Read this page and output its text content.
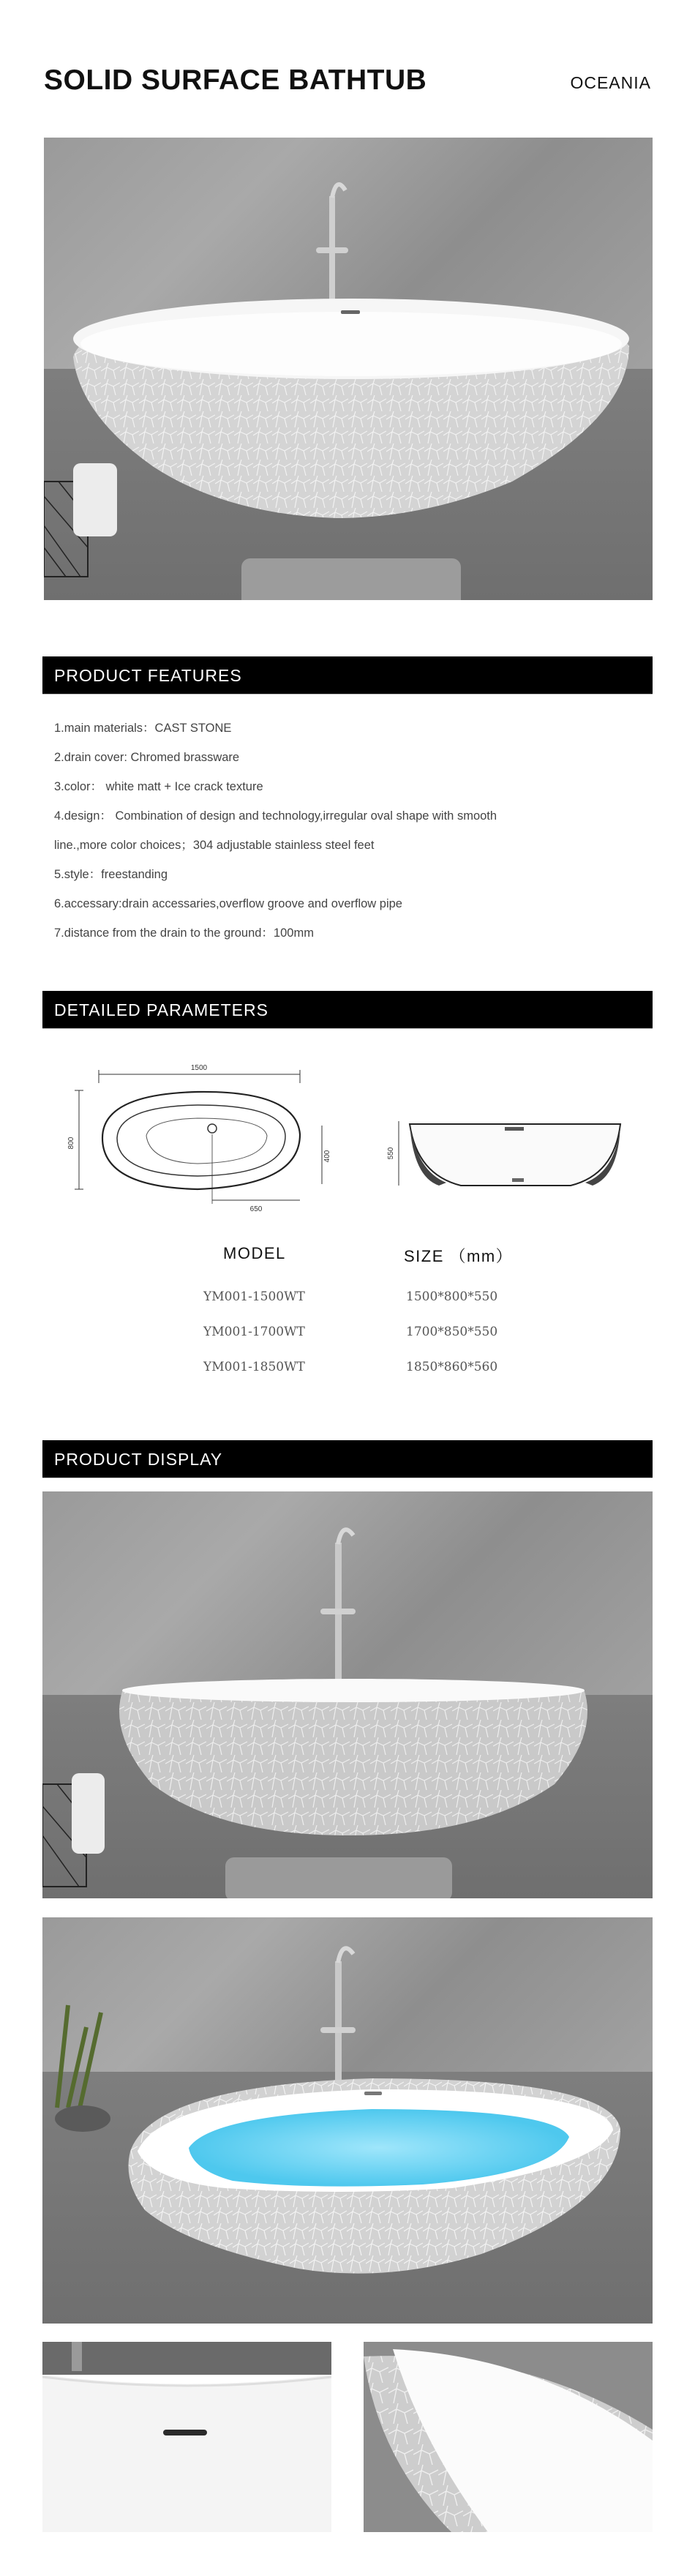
SOLID SURFACE BATHTUB	OCEANIA
PRODUCT FEATURES
1.main materials：CAST STONE
2.drain cover: Chromed brassware
3.color： white matt + Ice crack texture
4.design： Combination of design and technology,irregular oval shape with smooth
line.,more color choices；304 adjustable stainless steel feet
5.style：freestanding
6.accessary:drain accessaries,overflow groove and overflow pipe
7.distance from the drain to the ground：100mm
DETAILED PARAMETERS
1500
800
400
650
550
MODEL	SIZE （mm）
YM001-1500WT	1500*800*550
YM001-1700WT	1700*850*550
YM001-1850WT	1850*860*560
PRODUCT DISPLAY
